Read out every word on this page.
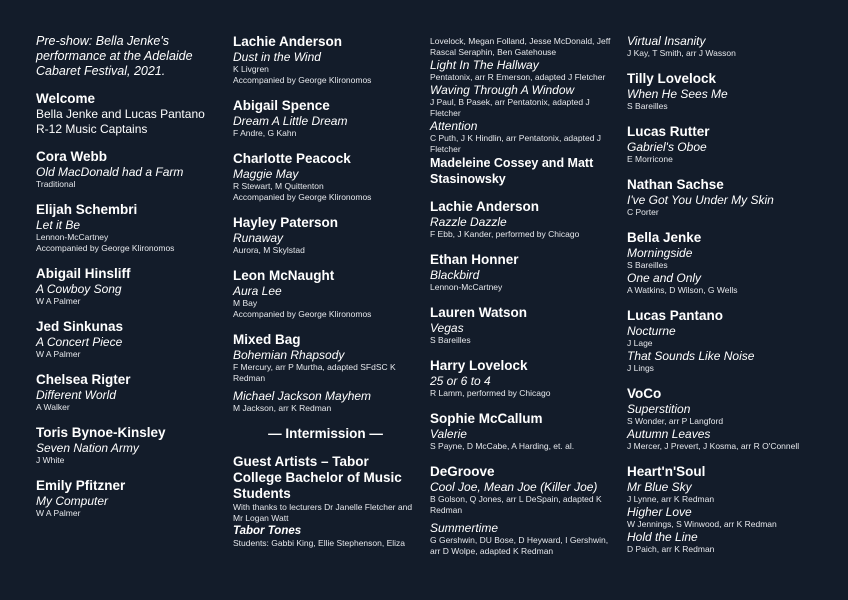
Pre-show: Bella Jenke's performance at the Adelaide Cabaret Festival, 2021.

Welcome

Bella Jenke and Lucas Pantano R-12 Music Captains

Cora Webb

Old MacDonald had a Farm

Traditional

Elijah Schembri

Let it Be

Lennon-McCartney

Accompanied by George Klironomos

Abigail Hinsliff

A Cowboy Song

W A Palmer

Jed Sinkunas

A Concert Piece

W A Palmer

Chelsea Rigter

Different World

A Walker

Toris Bynoe-Kinsley

Seven Nation Army

J White

Emily Pfitzner

My Computer

W A Palmer

Lachie Anderson

Dust in the Wind

K Livgren

Accompanied by George Klironomos

Abigail Spence

Dream A Little Dream

F Andre, G Kahn

Charlotte Peacock

Maggie May

R Stewart, M Quittenton

Accompanied by George Klironomos

Hayley Paterson

Runaway

Aurora, M Skylstad

Leon McNaught

Aura Lee

M Bay

Accompanied by George Klironomos

Mixed Bag

Bohemian Rhapsody

F Mercury, arr P Murtha, adapted SFdSC K Redman

Michael Jackson Mayhem

M Jackson, arr K Redman

— Intermission —

Guest Artists – Tabor College Bachelor of Music Students

With thanks to lecturers Dr Janelle Fletcher and Mr Logan Watt

Tabor Tones

Students: Gabbi King, Ellie Stephenson, Eliza

Lovelock, Megan Folland, Jesse McDonald, Jeff Rascal Seraphin, Ben Gatehouse

Light In The Hallway

Pentatonix, arr R Emerson, adapted J Fletcher

Waving Through A Window

J Paul, B Pasek, arr Pentatonix, adapted J Fletcher

Attention

C Puth, J K Hindlin, arr Pentatonix, adapted J Fletcher

Madeleine Cossey and Matt Stasinowsky

Lachie Anderson

Razzle Dazzle

F Ebb, J Kander, performed by Chicago

Ethan Honner

Blackbird

Lennon-McCartney

Lauren Watson

Vegas

S Bareilles

Harry Lovelock

25 or 6 to 4

R Lamm, performed by Chicago

Sophie McCallum

Valerie

S Payne, D McCabe, A Harding, et. al.

DeGroove

Cool Joe, Mean Joe (Killer Joe)

B Golson, Q Jones, arr L DeSpain, adapted K Redman

Summertime

G Gershwin, DU Bose, D Heyward, I Gershwin, arr D Wolpe, adapted K Redman

Virtual Insanity

J Kay, T Smith, arr J Wasson

Tilly Lovelock

When He Sees Me

S Bareilles

Lucas Rutter

Gabriel's Oboe

E Morricone

Nathan Sachse

I've Got You Under My Skin

C Porter

Bella Jenke

Morningside

S Bareilles

One and Only

A Watkins, D Wilson, G Wells

Lucas Pantano

Nocturne

J Lage

That Sounds Like Noise

J Lings

VoCo

Superstition

S Wonder, arr P Langford

Autumn Leaves

J Mercer, J Prevert, J Kosma, arr R O'Connell

Heart'n'Soul

Mr Blue Sky

J Lynne, arr K Redman

Higher Love

W Jennings, S Winwood, arr K Redman

Hold the Line

D Paich, arr K Redman
